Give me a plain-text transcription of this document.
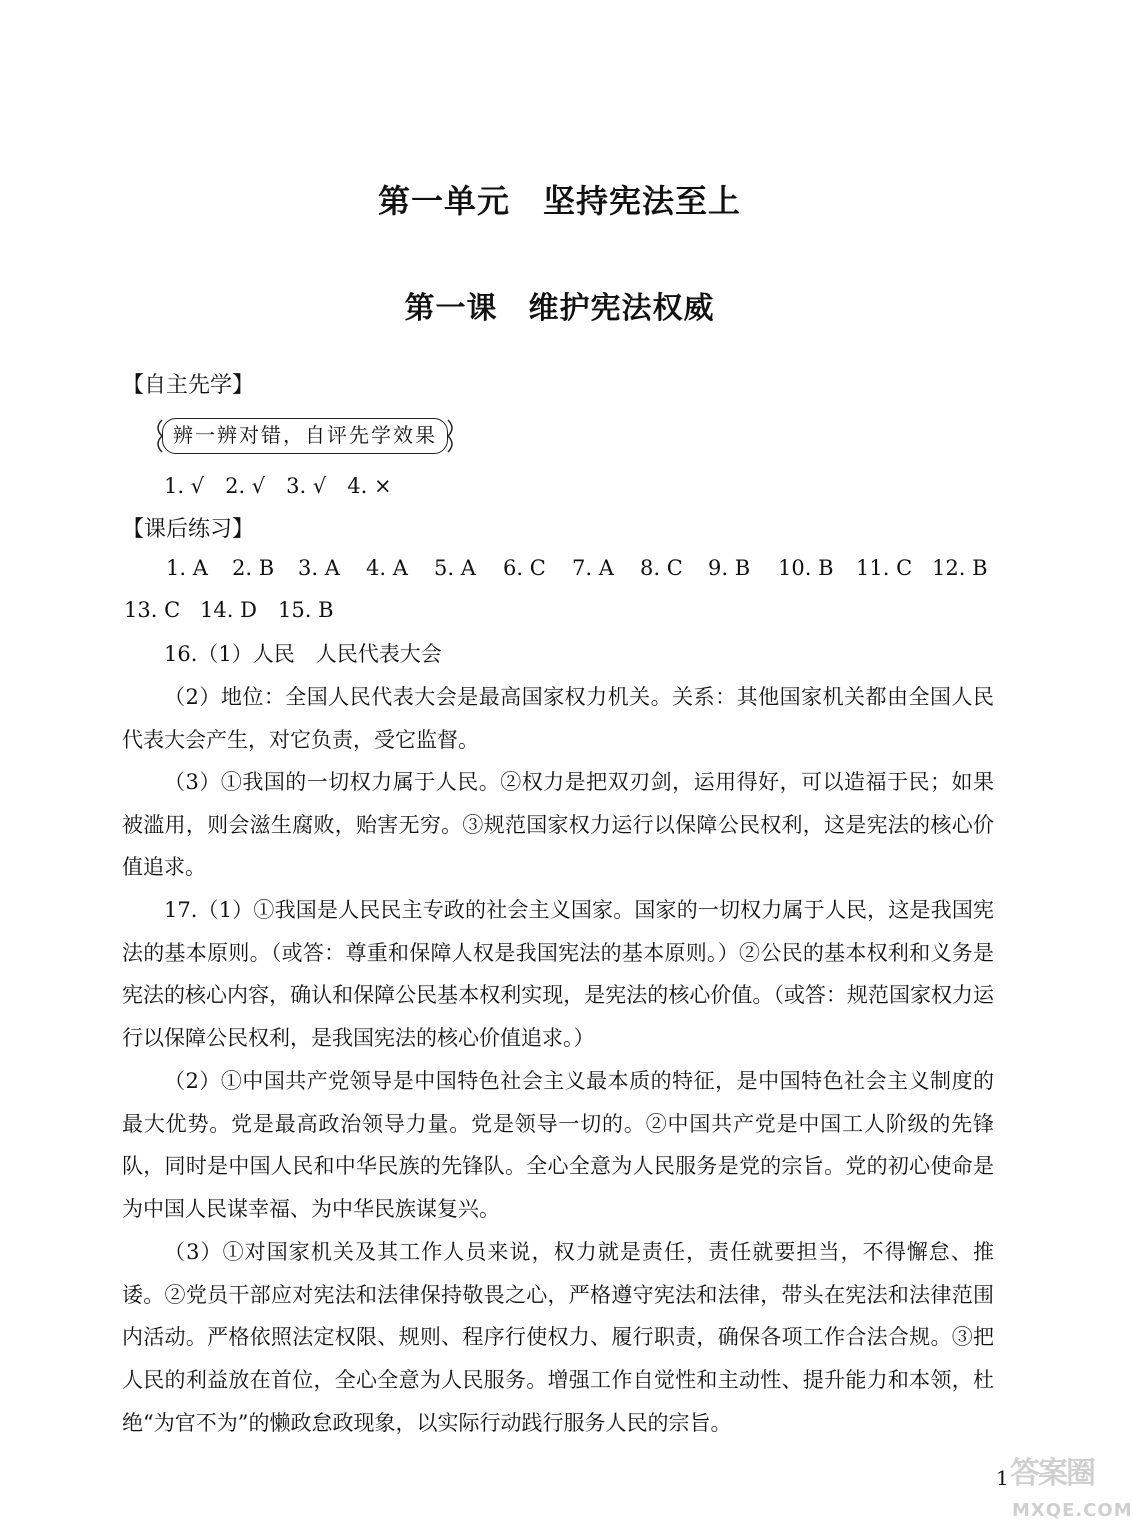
第一单元　坚持宪法至上
第一课　维护宪法权威
【自主先学】
辨一辨对错，自评先学效果
1. √　2. √　3. √　4. ×
【课后练习】
1. A 2. B 3. A 4. A 5. A 6. C 7. A 8. C 9. B 10. B 11. C 12. B
13. C 14. D 15. B
16.（1）人民　人民代表大会
（2）地位：全国人民代表大会是最高国家权力机关。关系：其他国家机关都由全国人民代表大会产生，对它负责，受它监督。
（3）①我国的一切权力属于人民。②权力是把双刃剑，运用得好，可以造福于民；如果被滥用，则会滋生腐败，贻害无穷。③规范国家权力运行以保障公民权利，这是宪法的核心价值追求。
17.（1）①我国是人民民主专政的社会主义国家。国家的一切权力属于人民，这是我国宪法的基本原则。（或答：尊重和保障人权是我国宪法的基本原则。）②公民的基本权利和义务是宪法的核心内容，确认和保障公民基本权利实现，是宪法的核心价值。（或答：规范国家权力运行以保障公民权利，是我国宪法的核心价值追求。）
（2）①中国共产党领导是中国特色社会主义最本质的特征，是中国特色社会主义制度的最大优势。党是最高政治领导力量。党是领导一切的。②中国共产党是中国工人阶级的先锋队，同时是中国人民和中华民族的先锋队。全心全意为人民服务是党的宗旨。党的初心使命是为中国人民谋幸福、为中华民族谋复兴。
（3）①对国家机关及其工作人员来说，权力就是责任，责任就要担当，不得懈怠、推诿。②党员干部应对宪法和法律保持敬畏之心，严格遵守宪法和法律，带头在宪法和法律范围内活动。严格依照法定权限、规则、程序行使权力、履行职责，确保各项工作合法合规。③把人民的利益放在首位，全心全意为人民服务。增强工作自觉性和主动性、提升能力和本领，杜绝“为官不为”的懒政怠政现象，以实际行动践行服务人民的宗旨。
1 答案圈
MXQE.COM
